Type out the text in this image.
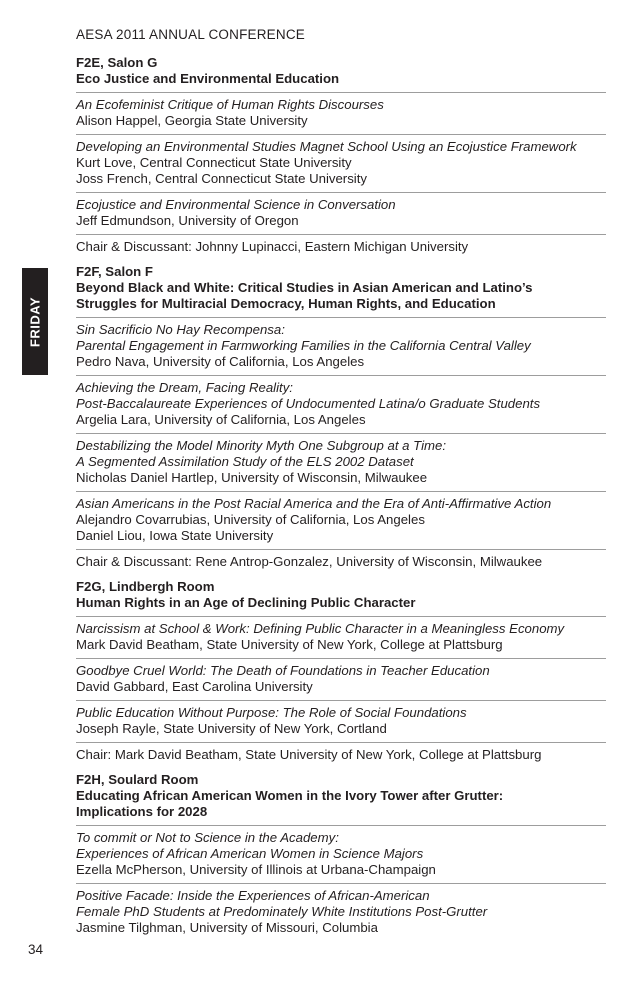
AESA 2011 ANNUAL CONFERENCE
FRIDAY
F2E, Salon G
Eco Justice and Environmental Education
An Ecofeminist Critique of Human Rights Discourses
Alison Happel, Georgia State University
Developing an Environmental Studies Magnet School Using an Ecojustice Framework
Kurt Love, Central Connecticut State University
Joss French, Central Connecticut State University
Ecojustice and Environmental Science in Conversation
Jeff Edmundson, University of Oregon
Chair & Discussant: Johnny Lupinacci, Eastern Michigan University
F2F, Salon F
Beyond Black and White: Critical Studies in Asian American and Latino’s
Struggles for Multiracial Democracy, Human Rights, and Education
Sin Sacrificio No Hay Recompensa:
Parental Engagement in Farmworking Families in the California Central Valley
Pedro Nava, University of California, Los Angeles
Achieving the Dream, Facing Reality:
Post-Baccalaureate Experiences of Undocumented Latina/o Graduate Students
Argelia Lara, University of California, Los Angeles
Destabilizing the Model Minority Myth One Subgroup at a Time:
A Segmented Assimilation Study of the ELS 2002 Dataset
Nicholas Daniel Hartlep, University of Wisconsin, Milwaukee
Asian Americans in the Post Racial America and the Era of Anti-Affirmative Action
Alejandro Covarrubias, University of California, Los Angeles
Daniel Liou, Iowa State University
Chair & Discussant: Rene Antrop-Gonzalez, University of Wisconsin, Milwaukee
F2G, Lindbergh Room
Human Rights in an Age of Declining Public Character
Narcissism at School & Work: Defining Public Character in a Meaningless Economy
Mark David Beatham, State University of New York, College at Plattsburg
Goodbye Cruel World: The Death of Foundations in Teacher Education
David Gabbard, East Carolina University
Public Education Without Purpose: The Role of Social Foundations
Joseph Rayle, State University of New York, Cortland
Chair: Mark David Beatham, State University of New York, College at Plattsburg
F2H, Soulard Room
Educating African American Women in the Ivory Tower after Grutter:
Implications for 2028
To commit or Not to Science in the Academy:
Experiences of African American Women in Science Majors
Ezella McPherson, University of Illinois at Urbana-Champaign
Positive Facade: Inside the Experiences of African-American
Female PhD Students at Predominately White Institutions Post-Grutter
Jasmine Tilghman, University of Missouri, Columbia
34
